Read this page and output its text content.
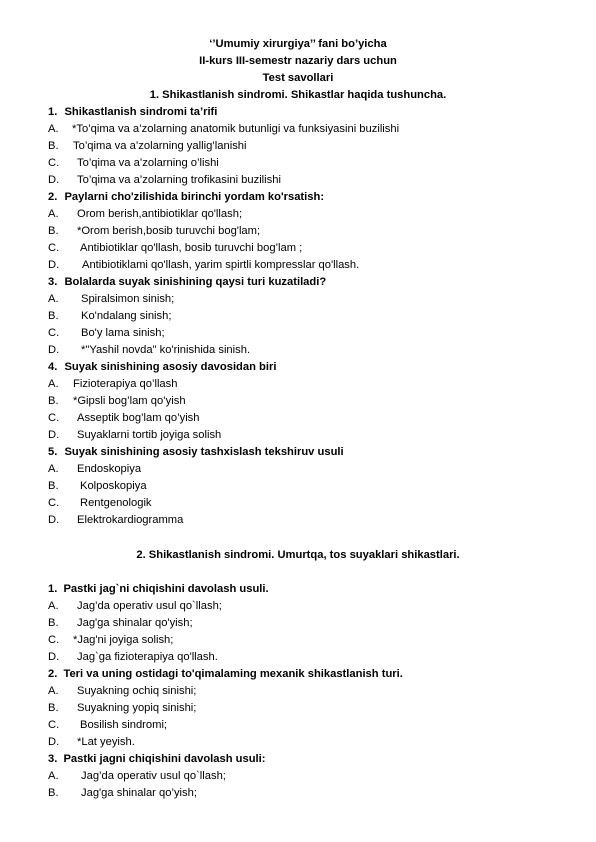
‘’Umumiy xirurgiya’’ fani bo’yicha
II-kurs III-semestr nazariy dars uchun
Test savollari
1. Shikastlanish sindromi. Shikastlar haqida tushuncha.
1. Shikastlanish sindromi ta’rifi
A. *To’qima va a’zolarning anatomik butunligi va funksiyasini buzilishi
B. To’qima va a’zolarning yallig’lanishi
C. To’qima va a’zolarning o’lishi
D. To’qima va a’zolarning trofikasini buzilishi
2. Paylarni cho'zilishida birinchi yordam ko'rsatish:
A. Orom berish,antibiotiklar qo'llash;
B. *Orom berish,bosib turuvchi bog'lam;
C. Antibiotiklar qo'llash, bosib turuvchi bog’lam ;
D. Antibiotiklami qo'llash, yarim spirtli kompresslar qo'llash.
3. Bolalarda suyak sinishining qaysi turi kuzatiladi?
A. Spiralsimon sinish;
B. Ko'ndalang sinish;
C. Bo'y lama sinish;
D. *"Yashil novda" ko'rinishida sinish.
4. Suyak sinishining asosiy davosidan biri
A. Fizioterapiya qo’llash
B. *Gipsli bog’lam qo’yish
C. Asseptik bog’lam qo’yish
D. Suyaklarni tortib joyiga solish
5. Suyak sinishining asosiy tashxislash tekshiruv usuli
A. Endoskopiya
B. Kolposkopiya
C. Rentgenologik
D. Elektrokardiogramma
2. Shikastlanish sindromi. Umurtqa, tos suyaklari shikastlari.
1. Pastki jag`ni chiqishini davolash usuli.
A. Jag’da operativ usul qo`llash;
B. Jag'ga shinalar qo'yish;
C. *Jag'ni joyiga solish;
D. Jag`ga fizioterapiya qo'llash.
2. Teri va uning ostidagi to'qimalaming mexanik shikastlanish turi.
A. Suyakning ochiq sinishi;
B. Suyakning yopiq sinishi;
C. Bosilish sindromi;
D. *Lat yeyish.
3. Pastki jagni chiqishini davolash usuli:
A. Jag’da operativ usul qo`llash;
B. Jag'ga shinalar qo’yish;
